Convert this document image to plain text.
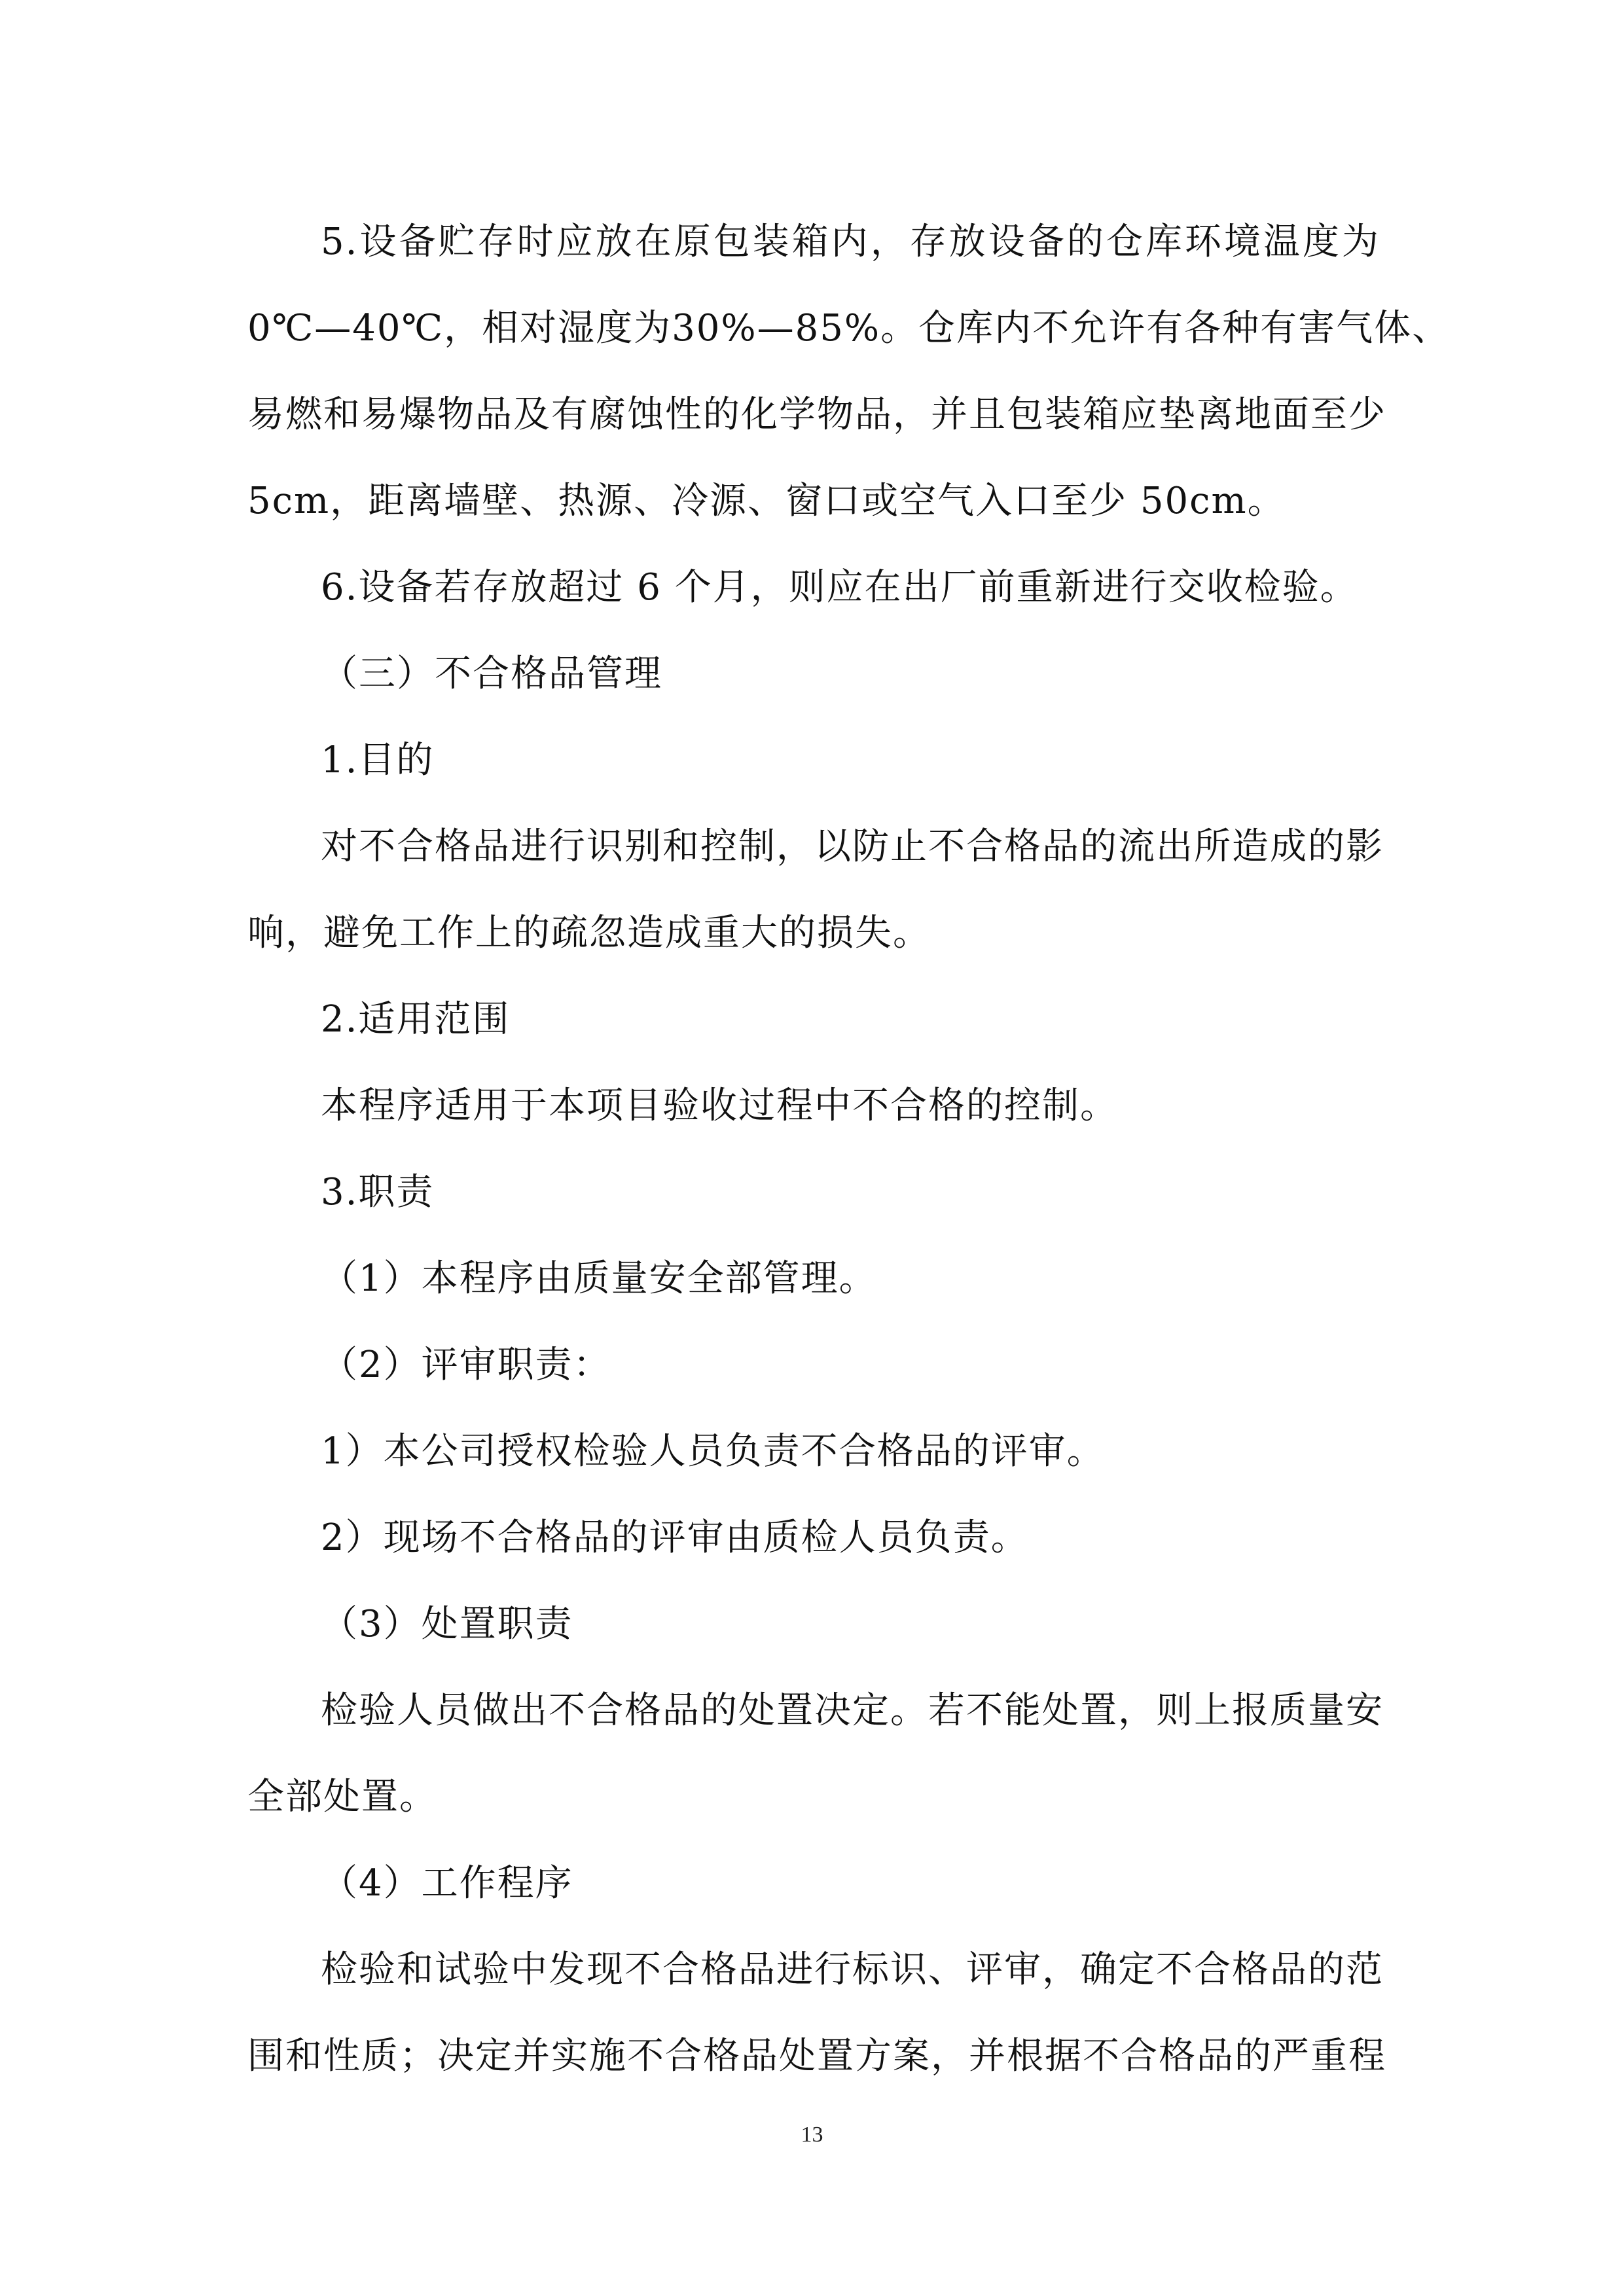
5.设备贮存时应放在原包装箱内，存放设备的仓库环境温度为
0℃—40℃，相对湿度为30%—85%。仓库内不允许有各种有害气体、
易燃和易爆物品及有腐蚀性的化学物品，并且包装箱应垫离地面至少
5cm，距离墙壁、热源、冷源、窗口或空气入口至少 50cm。
6.设备若存放超过 6 个月，则应在出厂前重新进行交收检验。
（三）不合格品管理
1.目的
对不合格品进行识别和控制，以防止不合格品的流出所造成的影
响，避免工作上的疏忽造成重大的损失。
2.适用范围
本程序适用于本项目验收过程中不合格的控制。
3.职责
（1）本程序由质量安全部管理。
（2）评审职责：
1）本公司授权检验人员负责不合格品的评审。
2）现场不合格品的评审由质检人员负责。
（3）处置职责
检验人员做出不合格品的处置决定。若不能处置，则上报质量安
全部处置。
（4）工作程序
检验和试验中发现不合格品进行标识、评审，确定不合格品的范
围和性质；决定并实施不合格品处置方案，并根据不合格品的严重程
13
